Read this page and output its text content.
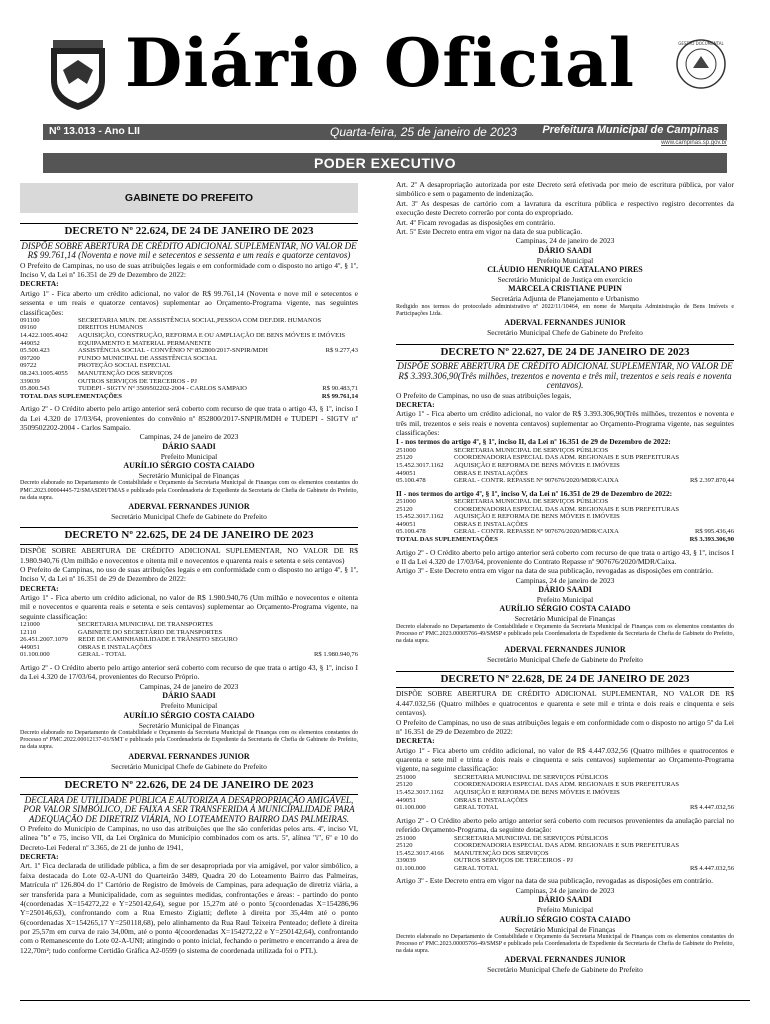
Diário Oficial	GESTÃO DOCUMENTAL
Nº 13.013 - Ano LII	Quarta-feira, 25 de janeiro de 2023 Prefeitura Municipal de Campinas
www.campinas.sp.gov.br
PODER EXECUTIVO
GABINETE DO PREFEITO
DECRETO Nº 22.624, DE 24 DE JANEIRO DE 2023
DISPÕE SOBRE ABERTURA DE CRÉDITO ADICIONAL SUPLEMENTAR, NO VALOR DE R$ 99.761,14 (Noventa e nove mil e setecentos e sessenta e um reais e quatorze centavos)
O Prefeito de Campinas, no uso de suas atribuições legais e em conformidade com o disposto no artigo 4º, § 1º, Inciso V, da Lei nº 16.351 de 29 de Dezembro de 2022:
DECRETA:
Artigo 1º - Fica aberto um crédito adicional, no valor de R$ 99.761,14 (Noventa e nove mil e setecentos e sessenta e um reais e quatorze centavos) suplementar ao Orçamento-Programa vigente, nas seguintes classificações:
091100	SECRETARIA MUN. DE ASSISTÊNCIA SOCIAL,PESSOA COM DEF.DIR. HUMANOS
09160	DIREITOS HUMANOS
14.422.1005.4042	AQUISIÇÃO, CONSTRUÇÃO, REFORMA E OU AMPLIAÇÃO DE BENS MÓVEIS E IMÓVEIS
449052	EQUIPAMENTO E MATERIAL PERMANENTE
05.500.423	ASSISTÊNCIA SOCIAL - CONVÊNIO Nº 852800/2017-SNPIR/MDH	R$ 9.277,43
097200	FUNDO MUNICIPAL DE ASSISTÊNCIA SOCIAL
09722	PROTEÇÃO SOCIAL ESPECIAL
08.243.1005.4055	MANUTENÇÃO DOS SERVIÇOS
339039	OUTROS SERVIÇOS DE TERCEIROS - PJ
05.800.543	TUDEPI - SIGTV Nº 3509502202-2004 - CARLOS SAMPAIO	R$ 90.483,71
TOTAL DAS SUPLEMENTAÇÕES	R$ 99.761,14
Artigo 2º - O Crédito aberto pelo artigo anterior será coberto com recurso de que trata o artigo 43, § 1º, inciso I da Lei 4.320 de 17/03/64, provenientes do convênio nº 852800/2017-SNPIR/MDH e TUDEPI - SIGTV nº 3509502202-2004 - Carlos Sampaio.
Campinas, 24 de janeiro de 2023
DÁRIO SAADI
Prefeito Municipal
AURÍLIO SÉRGIO COSTA CAIADO
Secretário Municipal de Finanças
Decreto elaborado no Departamento de Contabilidade e Orçamento da Secretaria Municipal de Finanças com os elementos constantes do PMC.2023.00004445-72/SMASDH/TMAS e publicado pela Coordenadoria de Expediente da Secretaria de Chefia de Gabinete do Prefeito, na data supra.
ADERVAL FERNANDES JUNIOR
Secretário Municipal Chefe de Gabinete do Prefeito
DECRETO Nº 22.625, DE 24 DE JANEIRO DE 2023
DISPÕE SOBRE ABERTURA DE CRÉDITO ADICIONAL SUPLEMENTAR, NO VALOR DE R$ 1.980.940,76 (Um milhão e novecentos e oitenta mil e novecentos e quarenta reais e setenta e seis centavos)
O Prefeito de Campinas, no uso de suas atribuições legais e em conformidade com o disposto no artigo 4º, § 1º, Inciso V, da Lei nº 16.351 de 29 de Dezembro de 2022:
DECRETA:
Artigo 1º - Fica aberto um crédito adicional, no valor de R$ 1.980.940,76 (Um milhão e novecentos e oitenta mil e novecentos e quarenta reais e setenta e seis centavos) suplementar ao Orçamento-Programa vigente, na seguinte classificação:
121000	SECRETARIA MUNICIPAL DE TRANSPORTES
12110	GABINETE DO SECRETÁRIO DE TRANSPORTES
26.451.2007.1079	REDE DE CAMINHABILIDADE E TRÂNSITO SEGURO
449051	OBRAS E INSTALAÇÕES
01.100.000	GERAL - TOTAL	R$ 1.980.940,76
Artigo 2º - O Crédito aberto pelo artigo anterior será coberto com recurso de que trata o artigo 43, § 1º, inciso I da Lei 4.320 de 17/03/64, provenientes do Recurso Próprio.
Campinas, 24 de janeiro de 2023
DÁRIO SAADI
Prefeito Municipal
AURÍLIO SÉRGIO COSTA CAIADO
Secretário Municipal de Finanças
Decreto elaborado no Departamento de Contabilidade e Orçamento da Secretaria Municipal de Finanças com os elementos constantes do Processo nº PMC.2022.00012137-01/SMT e publicado pela Coordenadoria de Expediente da Secretaria de Chefia de Gabinete do Prefeito, na data supra.
ADERVAL FERNANDES JUNIOR
Secretário Municipal Chefe de Gabinete do Prefeito
DECRETO Nº 22.626, DE 24 DE JANEIRO DE 2023
DECLARA DE UTILIDADE PÚBLICA E AUTORIZA A DESAPROPRIAÇÃO AMIGÁVEL, POR VALOR SIMBÓLICO, DE FAIXA A SER TRANSFERIDA À MUNICIPALIDADE PARA ADEQUAÇÃO DE DIRETRIZ VIÁRIA, NO LOTEAMENTO BAIRRO DAS PALMEIRAS.
O Prefeito do Município de Campinas, no uso das atribuições que lhe são conferidas pelos arts. 4º, inciso VI, alínea "b" e 75, inciso VII, da Lei Orgânica do Município combinados com os arts. 5º, alínea "i", 6º e 10 do Decreto-Lei Federal nº 3.365, de 21 de junho de 1941,
DECRETA:
Art. 1º Fica declarada de utilidade pública, a fim de ser desapropriada por via amigável, por valor simbólico, a faixa destacada do Lote 02-A-UNI do Quarteirão 3489, Quadra 20 do Loteamento Bairro das Palmeiras, Matrícula nº 126.804 do 1º Cartório de Registro de Imóveis de Campinas, para adequação de diretriz viária, a ser transferida para a Municipalidade, com as seguintes medidas, confrontações e áreas: - partindo do ponto 4(coordenadas X=154272,22 e Y=250142,64), segue por 15,27m até o ponto 5(coordenadas X=154286,96 Y=250146,63), confrontando com a Rua Ernesto Zigiatti; deflete à direita por 35,44m até o ponto 6(coordenadas X=154265,17 Y=250118,68), pelo alinhamento da Rua Raul Teixeira Penteado; deflete à direita por 25,57m em curva de raio 34,00m, até o ponto 4(coordenadas X=154272,22 e Y=250142,64), confrontando com o Remanescente do Lote 02-A-UNI; atingindo o ponto inicial, fechando o perímetro e encerrando a área de 122,70m²; tudo conforme Certidão Gráfica A2-0599 (o sistema de coordenada utilizada foi o PTL).
Art. 2º A desapropriação autorizada por este Decreto será efetivada por meio de escritura pública, por valor simbólico e sem o pagamento de indenização.
Art. 3º As despesas de cartório com a lavratura da escritura pública e respectivo registro decorrentes da execução deste Decreto correrão por conta do expropriado.
Art. 4º Ficam revogadas as disposições em contrário.
Art. 5º Este Decreto entra em vigor na data de sua publicação.
Campinas, 24 de janeiro de 2023
DÁRIO SAADI
Prefeito Municipal
CLÁUDIO HENRIQUE CATALANO PIRES
Secretário Municipal de Justiça em exercício
MARCELA CRISTIANE PUPIN
Secretária Adjunta de Planejamento e Urbanismo
Redigido nos termos do protocolado administrativo nº 2022/11/10464, em nome de Marquita Administração de Bens Imóveis e Participações Ltda.
ADERVAL FERNANDES JUNIOR
Secretário Municipal Chefe de Gabinete do Prefeito
DECRETO Nº 22.627, DE 24 DE JANEIRO DE 2023
DISPÕE SOBRE ABERTURA DE CRÉDITO ADICIONAL SUPLEMENTAR, NO VALOR DE R$ 3.393.306,90(Três milhões, trezentos e noventa e três mil, trezentos e seis reais e noventa centavos).
O Prefeito de Campinas, no uso de suas atribuições legais,
DECRETA:
Artigo 1º - Fica aberto um crédito adicional, no valor de R$ 3.393.306,90(Três milhões, trezentos e noventa e três mil, trezentos e seis reais e noventa centavos) suplementar ao Orçamento-Programa vigente, nas seguintes classificações:
I - nos termos do artigo 4º, § 1º, inciso II, da Lei nº 16.351 de 29 de Dezembro de 2022:
251000	SECRETARIA MUNICIPAL DE SERVIÇOS PÚBLICOS
25120	COORDENADORIA ESPECIAL DAS ADM. REGIONAIS E SUB PREFEITURAS
15.452.3017.1162	AQUISIÇÃO E REFORMA DE BENS MÓVEIS E IMÓVEIS
449051	OBRAS E INSTALAÇÕES
05.100.478	GERAL - CONTR. REPASSE Nº 907676/2020/MDR/CAIXA	R$ 2.397.870,44
II - nos termos do artigo 4º, § 1º, inciso V, da Lei nº 16.351 de 29 de Dezembro de 2022:
251000	SECRETARIA MUNICIPAL DE SERVIÇOS PÚBLICOS
25120	COORDENADORIA ESPECIAL DAS ADM. REGIONAIS E SUB PREFEITURAS
15.452.3017.1162	AQUISIÇÃO E REFORMA DE BENS MÓVEIS E IMÓVEIS
449051	OBRAS E INSTALAÇÕES
05.100.478	GERAL - CONTR. REPASSE Nº 907676/2020/MDR/CAIXA	R$ 995.436,46
TOTAL DAS SUPLEMENTAÇÕES	R$ 3.393.306,90
Artigo 2º - O Crédito aberto pelo artigo anterior será coberto com recurso de que trata o artigo 43, § 1º, incisos I e II da Lei 4.320 de 17/03/64, proveniente do Contrato Repasse nº 907676/2020/MDR/Caixa.
Artigo 3º - Este Decreto entra em vigor na data de sua publicação, revogadas as disposições em contrário.
Campinas, 24 de janeiro de 2023
DÁRIO SAADI
Prefeito Municipal
AURÍLIO SÉRGIO COSTA CAIADO
Secretário Municipal de Finanças
Decreto elaborado no Departamento de Contabilidade e Orçamento da Secretaria Municipal de Finanças com os elementos constantes do Processo nº PMC.2023.00005766-49/SMSP e publicado pela Coordenadoria de Expediente da Secretaria de Chefia de Gabinete do Prefeito, na data supra.
ADERVAL FERNANDES JUNIOR
Secretário Municipal Chefe de Gabinete do Prefeito
DECRETO Nº 22.628, DE 24 DE JANEIRO DE 2023
DISPÕE SOBRE ABERTURA DE CRÉDITO ADICIONAL SUPLEMENTAR, NO VALOR DE R$ 4.447.032,56 (Quatro milhões e quatrocentos e quarenta e sete mil e trinta e dois reais e cinquenta e seis centavos).
O Prefeito de Campinas, no uso de suas atribuições legais e em conformidade com o disposto no artigo 5º da Lei nº 16.351 de 29 de Dezembro de 2022:
DECRETA:
Artigo 1º - Fica aberto um crédito adicional, no valor de R$ 4.447.032,56 (Quatro milhões e quatrocentos e quarenta e sete mil e trinta e dois reais e cinquenta e seis centavos) suplementar ao Orçamento-Programa vigente, na seguinte classificação:
251000	SECRETARIA MUNICIPAL DE SERVIÇOS PÚBLICOS
25120	COORDENADORIA ESPECIAL DAS ADM. REGIONAIS E SUB PREFEITURAS
15.452.3017.1162	AQUISIÇÃO E REFORMA DE BENS MÓVEIS E IMÓVEIS
449051	OBRAS E INSTALAÇÕES
01.100.000	GERAL TOTAL	R$ 4.447.032,56
Artigo 2º - O Crédito aberto pelo artigo anterior será coberto com recursos provenientes da anulação parcial no referido Orçamento-Programa, da seguinte dotação:
251000	SECRETARIA MUNICIPAL DE SERVIÇOS PÚBLICOS
25120	COORDENADORIA ESPECIAL DAS ADM. REGIONAIS E SUB PREFEITURAS
15.452.3017.4166	MANUTENÇÃO DOS SERVIÇOS
339039	OUTROS SERVIÇOS DE TERCEIROS - PJ
01.100.000	GERAL TOTAL	R$ 4.447.032,56
Artigo 3º - Este Decreto entra em vigor na data de sua publicação, revogadas as disposições em contrário.
Campinas, 24 de janeiro de 2023
DÁRIO SAADI
Prefeito Municipal
AURÍLIO SÉRGIO COSTA CAIADO
Secretário Municipal de Finanças
Decreto elaborado no Departamento de Contabilidade e Orçamento da Secretaria Municipal de Finanças com os elementos constantes do Processo nº PMC.2023.00005766-49/SMSP e publicado pela Coordenadoria de Expediente da Secretaria de Chefia de Gabinete do Prefeito, na data supra.
ADERVAL FERNANDES JUNIOR
Secretário Municipal Chefe de Gabinete do Prefeito
